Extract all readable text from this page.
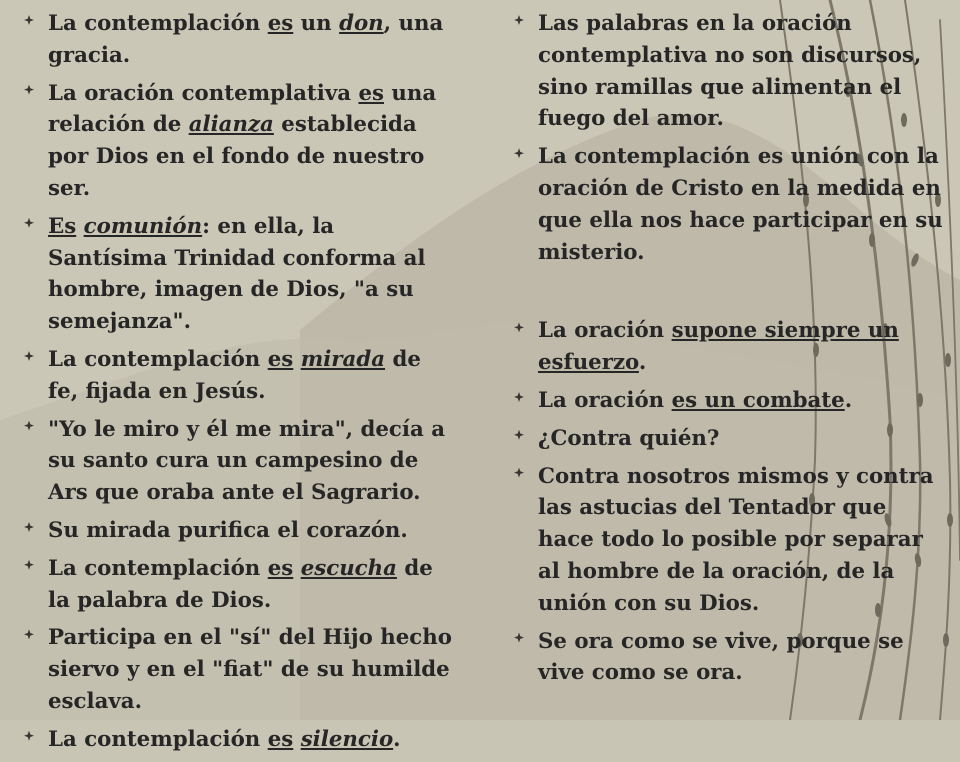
La contemplación es un don, una gracia.
La oración contemplativa es una relación de alianza establecida por Dios en el fondo de nuestro ser.
Es comunión: en ella, la Santísima Trinidad conforma al hombre, imagen de Dios, "a su semejanza".
La contemplación es mirada de fe, fijada en Jesús.
"Yo le miro y él me mira", decía a su santo cura un campesino de Ars que oraba ante el Sagrario.
Su mirada purifica el corazón.
La contemplación es escucha de la palabra de Dios.
Participa en el "sí" del Hijo hecho siervo y en el "fiat" de su humilde esclava.
La contemplación es silencio.
Las palabras en la oración contemplativa no son discursos, sino ramillas que alimentan el fuego del amor.
La contemplación es unión con la oración de Cristo en la medida en que ella nos hace participar en su misterio.
La oración supone siempre un esfuerzo.
La oración es un combate.
¿Contra quién?
Contra nosotros mismos y contra las astucias del Tentador que hace todo lo posible por separar al hombre de la oración, de la unión con su Dios.
Se ora como se vive, porque se vive como se ora.
